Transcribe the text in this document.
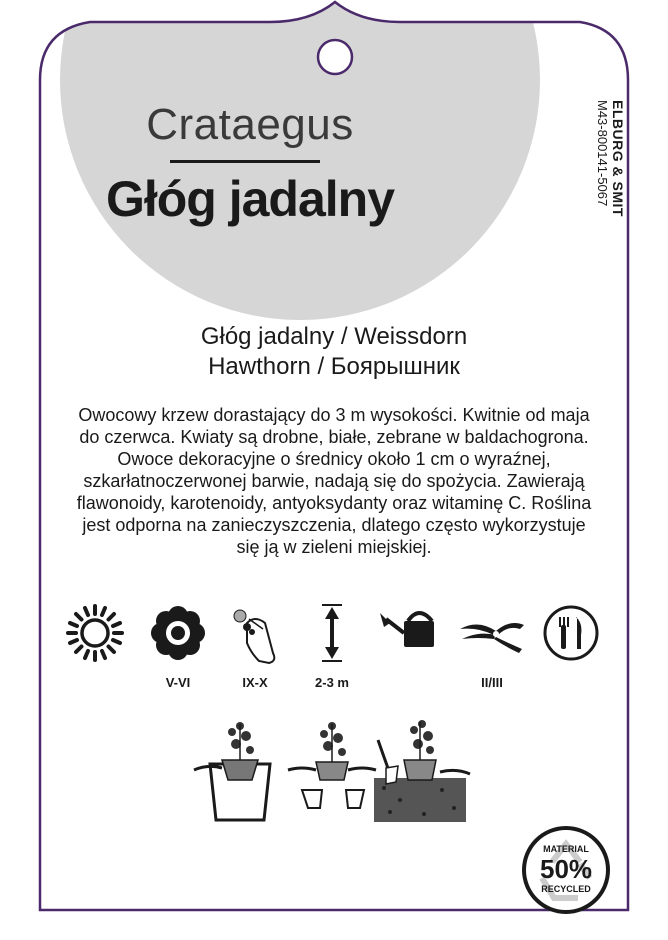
MATERIAL
50%
RECYCLED
Crataegus
Głóg jadalny	ELBURG & SMIT
M43-800141-5067
Głóg jadalny / Weissdorn
Hawthorn / Боярышник
Owocowy krzew dorastający do 3 m wysokości. Kwitnie od maja do czerwca. Kwiaty są drobne, białe, zebrane w baldachogrona. Owoce dekoracyjne o średnicy około 1 cm o wyraźnej, szkarłatnoczerwonej barwie, nadają się do spożycia. Zawierają flawonoidy, karotenoidy, antyoksydanty oraz witaminę C. Roślina jest odporna na zanieczyszczenia, dlatego często wykorzystuje się ją w zieleni miejskiej.
V-VI	IX-X	2-3 m	II/III
